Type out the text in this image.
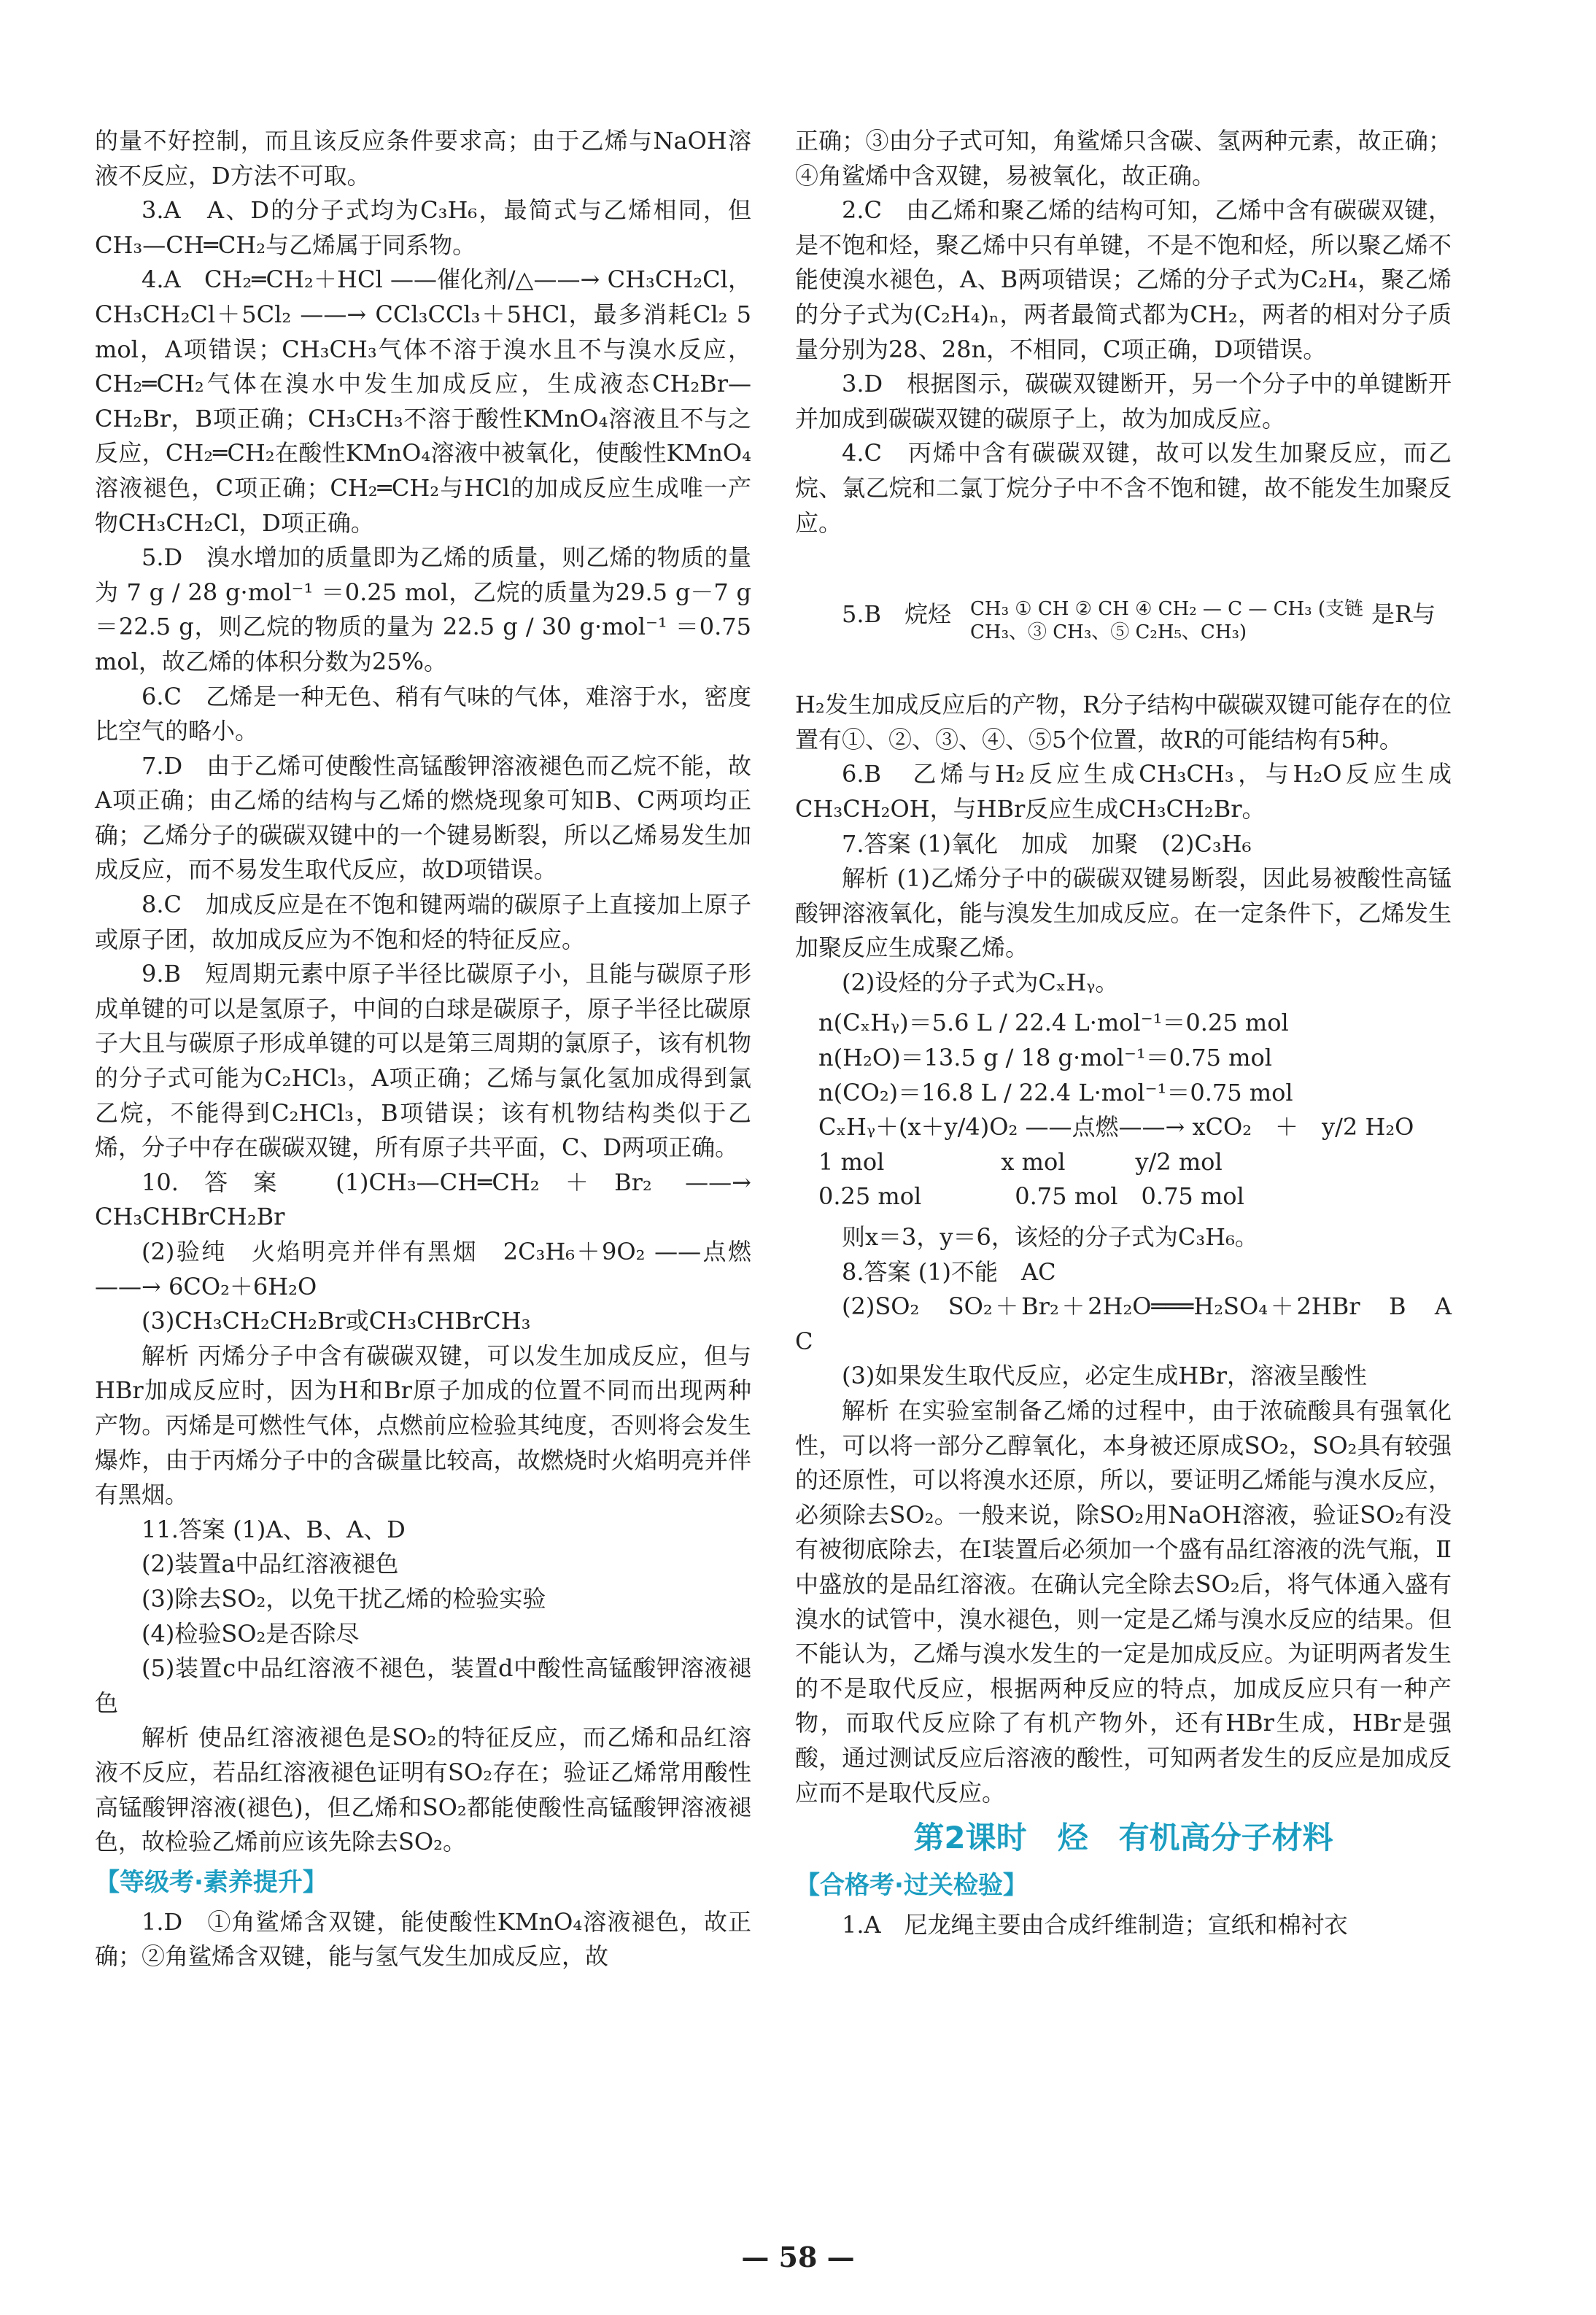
的量不好控制，而且该反应条件要求高；由于乙烯与NaOH溶液不反应，D方法不可取。

3.A　A、D的分子式均为C₃H₆，最简式与乙烯相同，但CH₃—CH═CH₂与乙烯属于同系物。

4.A　CH₂═CH₂＋HCl ——催化剂/△——→ CH₃CH₂Cl，CH₃CH₂Cl＋5Cl₂ ——→ CCl₃CCl₃＋5HCl，最多消耗Cl₂ 5 mol，A项错误；CH₃CH₃气体不溶于溴水且不与溴水反应，CH₂═CH₂气体在溴水中发生加成反应，生成液态CH₂Br—CH₂Br，B项正确；CH₃CH₃不溶于酸性KMnO₄溶液且不与之反应，CH₂═CH₂在酸性KMnO₄溶液中被氧化，使酸性KMnO₄溶液褪色，C项正确；CH₂═CH₂与HCl的加成反应生成唯一产物CH₃CH₂Cl，D项正确。

5.D　溴水增加的质量即为乙烯的质量，则乙烯的物质的量为 7 g / 28 g·mol⁻¹ ＝0.25 mol，乙烷的质量为29.5 g－7 g＝22.5 g，则乙烷的物质的量为 22.5 g / 30 g·mol⁻¹ ＝0.75 mol，故乙烯的体积分数为25%。

6.C　乙烯是一种无色、稍有气味的气体，难溶于水，密度比空气的略小。

7.D　由于乙烯可使酸性高锰酸钾溶液褪色而乙烷不能，故A项正确；由乙烯的结构与乙烯的燃烧现象可知B、C两项均正确；乙烯分子的碳碳双键中的一个键易断裂，所以乙烯易发生加成反应，而不易发生取代反应，故D项错误。

8.C　加成反应是在不饱和键两端的碳原子上直接加上原子或原子团，故加成反应为不饱和烃的特征反应。

9.B　短周期元素中原子半径比碳原子小，且能与碳原子形成单键的可以是氢原子，中间的白球是碳原子，原子半径比碳原子大且与碳原子形成单键的可以是第三周期的氯原子，该有机物的分子式可能为C₂HCl₃，A项正确；乙烯与氯化氢加成得到氯乙烷，不能得到C₂HCl₃，B项错误；该有机物结构类似于乙烯，分子中存在碳碳双键，所有原子共平面，C、D两项正确。

10.答案 (1)CH₃—CH═CH₂＋Br₂ ——→ CH₃CHBrCH₂Br

(2)验纯　火焰明亮并伴有黑烟　2C₃H₆＋9O₂ ——点燃——→ 6CO₂＋6H₂O

(3)CH₃CH₂CH₂Br或CH₃CHBrCH₃

解析 丙烯分子中含有碳碳双键，可以发生加成反应，但与HBr加成反应时，因为H和Br原子加成的位置不同而出现两种产物。丙烯是可燃性气体，点燃前应检验其纯度，否则将会发生爆炸，由于丙烯分子中的含碳量比较高，故燃烧时火焰明亮并伴有黑烟。

11.答案 (1)A、B、A、D

(2)装置a中品红溶液褪色

(3)除去SO₂，以免干扰乙烯的检验实验

(4)检验SO₂是否除尽

(5)装置c中品红溶液不褪色，装置d中酸性高锰酸钾溶液褪色

解析 使品红溶液褪色是SO₂的特征反应，而乙烯和品红溶液不反应，若品红溶液褪色证明有SO₂存在；验证乙烯常用酸性高锰酸钾溶液(褪色)，但乙烯和SO₂都能使酸性高锰酸钾溶液褪色，故检验乙烯前应该先除去SO₂。

【等级考·素养提升】

1.D　①角鲨烯含双键，能使酸性KMnO₄溶液褪色，故正确；②角鲨烯含双键，能与氢气发生加成反应，故

正确；③由分子式可知，角鲨烯只含碳、氢两种元素，故正确；④角鲨烯中含双键，易被氧化，故正确。

2.C　由乙烯和聚乙烯的结构可知，乙烯中含有碳碳双键，是不饱和烃，聚乙烯中只有单键，不是不饱和烃，所以聚乙烯不能使溴水褪色，A、B两项错误；乙烯的分子式为C₂H₄，聚乙烯的分子式为(C₂H₄)ₙ，两者最简式都为CH₂，两者的相对分子质量分别为28、28n，不相同，C项正确，D项错误。

3.D　根据图示，碳碳双键断开，另一个分子中的单键断开并加成到碳碳双键的碳原子上，故为加成反应。

4.C　丙烯中含有碳碳双键，故可以发生加聚反应，而乙烷、氯乙烷和二氯丁烷分子中不含不饱和键，故不能发生加聚反应。

5.B　烷烃 CH₃ ① CH ② CH ④ CH₂ — C — CH₃ (支链 CH₃、③ CH₃、⑤ C₂H₅、CH₃)
是R与

H₂发生加成反应后的产物，R分子结构中碳碳双键可能存在的位置有①、②、③、④、⑤5个位置，故R的可能结构有5种。

6.B　乙烯与H₂反应生成CH₃CH₃，与H₂O反应生成CH₃CH₂OH，与HBr反应生成CH₃CH₂Br。

7.答案 (1)氧化　加成　加聚　(2)C₃H₆

解析 (1)乙烯分子中的碳碳双键易断裂，因此易被酸性高锰酸钾溶液氧化，能与溴发生加成反应。在一定条件下，乙烯发生加聚反应生成聚乙烯。

(2)设烃的分子式为CₓHᵧ。

n(CₓHᵧ)＝5.6 L / 22.4 L·mol⁻¹＝0.25 mol

n(H₂O)＝13.5 g / 18 g·mol⁻¹＝0.75 mol

n(CO₂)＝16.8 L / 22.4 L·mol⁻¹＝0.75 mol

CₓHᵧ＋(x＋y/4)O₂ ——点燃——→ xCO₂　＋　y/2 H₂O

1 mol　　　　　x mol　　　y/2 mol

0.25 mol　　　　0.75 mol　0.75 mol

则x＝3，y＝6，该烃的分子式为C₃H₆。

8.答案 (1)不能　AC

(2)SO₂　SO₂＋Br₂＋2H₂O═══H₂SO₄＋2HBr　B　A　C

(3)如果发生取代反应，必定生成HBr，溶液呈酸性

解析 在实验室制备乙烯的过程中，由于浓硫酸具有强氧化性，可以将一部分乙醇氧化，本身被还原成SO₂，SO₂具有较强的还原性，可以将溴水还原，所以，要证明乙烯能与溴水反应，必须除去SO₂。一般来说，除SO₂用NaOH溶液，验证SO₂有没有被彻底除去，在Ⅰ装置后必须加一个盛有品红溶液的洗气瓶，Ⅱ中盛放的是品红溶液。在确认完全除去SO₂后，将气体通入盛有溴水的试管中，溴水褪色，则一定是乙烯与溴水反应的结果。但不能认为，乙烯与溴水发生的一定是加成反应。为证明两者发生的不是取代反应，根据两种反应的特点，加成反应只有一种产物，而取代反应除了有机产物外，还有HBr生成，HBr是强酸，通过测试反应后溶液的酸性，可知两者发生的反应是加成反应而不是取代反应。

第2课时　烃　有机高分子材料
【合格考·过关检验】

1.A　尼龙绳主要由合成纤维制造；宣纸和棉衬衣

— 58 —
